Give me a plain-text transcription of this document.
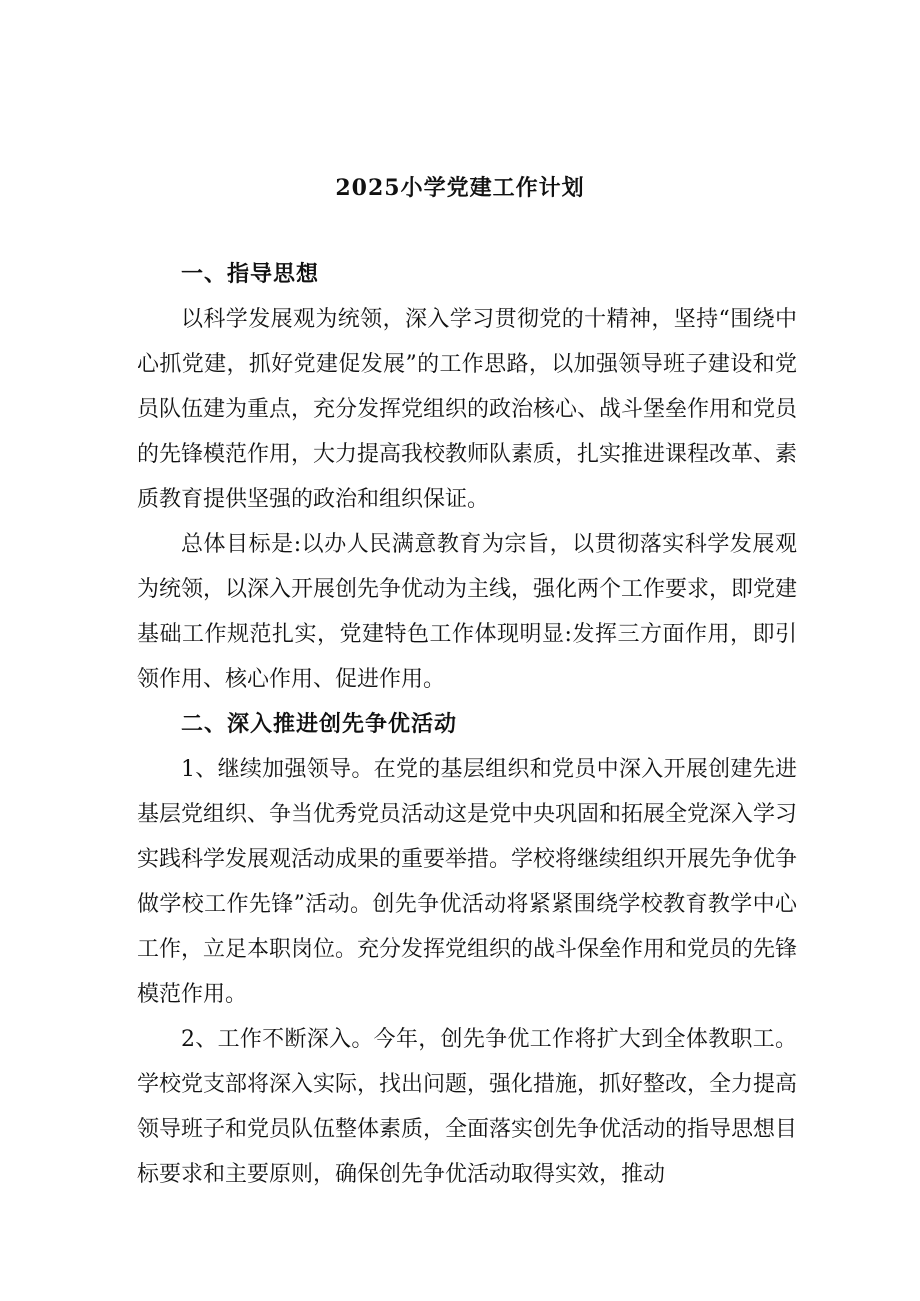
2025小学党建工作计划

一、指导思想

以科学发展观为统领，深入学习贯彻党的十精神，坚持“围绕中心抓党建，抓好党建促发展”的工作思路，以加强领导班子建设和党员队伍建为重点，充分发挥党组织的政治核心、战斗堡垒作用和党员的先锋模范作用，大力提高我校教师队素质，扎实推进课程改革、素质教育提供坚强的政治和组织保证。

总体目标是:以办人民满意教育为宗旨，以贯彻落实科学发展观为统领，以深入开展创先争优动为主线，强化两个工作要求，即党建基础工作规范扎实，党建特色工作体现明显:发挥三方面作用，即引领作用、核心作用、促进作用。

二、深入推进创先争优活动

1、继续加强领导。在党的基层组织和党员中深入开展创建先进基层党组织、争当优秀党员活动这是党中央巩固和拓展全党深入学习实践科学发展观活动成果的重要举措。学校将继续组织开展先争优争做学校工作先锋”活动。创先争优活动将紧紧围绕学校教育教学中心工作，立足本职岗位。充分发挥党组织的战斗保垒作用和党员的先锋模范作用。

2、工作不断深入。今年，创先争优工作将扩大到全体教职工。学校党支部将深入实际，找出问题，强化措施，抓好整改，全力提高领导班子和党员队伍整体素质，全面落实创先争优活动的指导思想目标要求和主要原则，确保创先争优活动取得实效，推动
